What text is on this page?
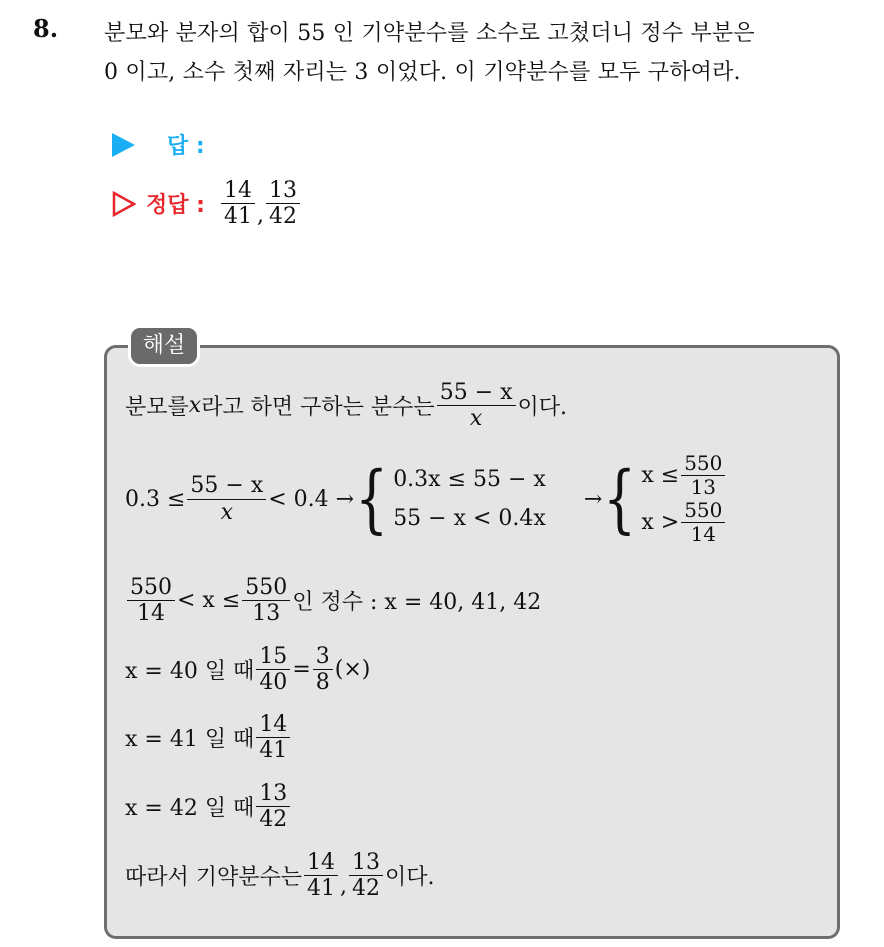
8. 분모와 분자의 합이 55 인 기약분수를 소수로 고쳤더니 정수 부분은
0 이고, 소수 첫째 자리는 3 이었다. 이 기약분수를 모두 구하여라.
답 :
정답 : $\frac{14}{41}$ , $\frac{13}{42}$
해설
분모를 x 라고 하면 구하는 분수는 $\frac{55 - x}{x}$ 이다.
$0.3 \le \frac{55 - x}{x} < 0.4$ → { 0.3x ≤ 55 − x
55 − x < 0.4x
→ { $x \le \frac{550}{13}$
$x > \frac{550}{14}$
$\frac{550}{14} < x \le \frac{550}{13}$ 인 정수 : x = 40, 41, 42
x = 40 일 때 $\frac{15}{40} = \frac{3}{8}$ (×)
x = 41 일 때 $\frac{14}{41}$
x = 42 일 때 $\frac{13}{42}$
따라서 기약분수는 $\frac{14}{41}$ , $\frac{13}{42}$ 이다.
